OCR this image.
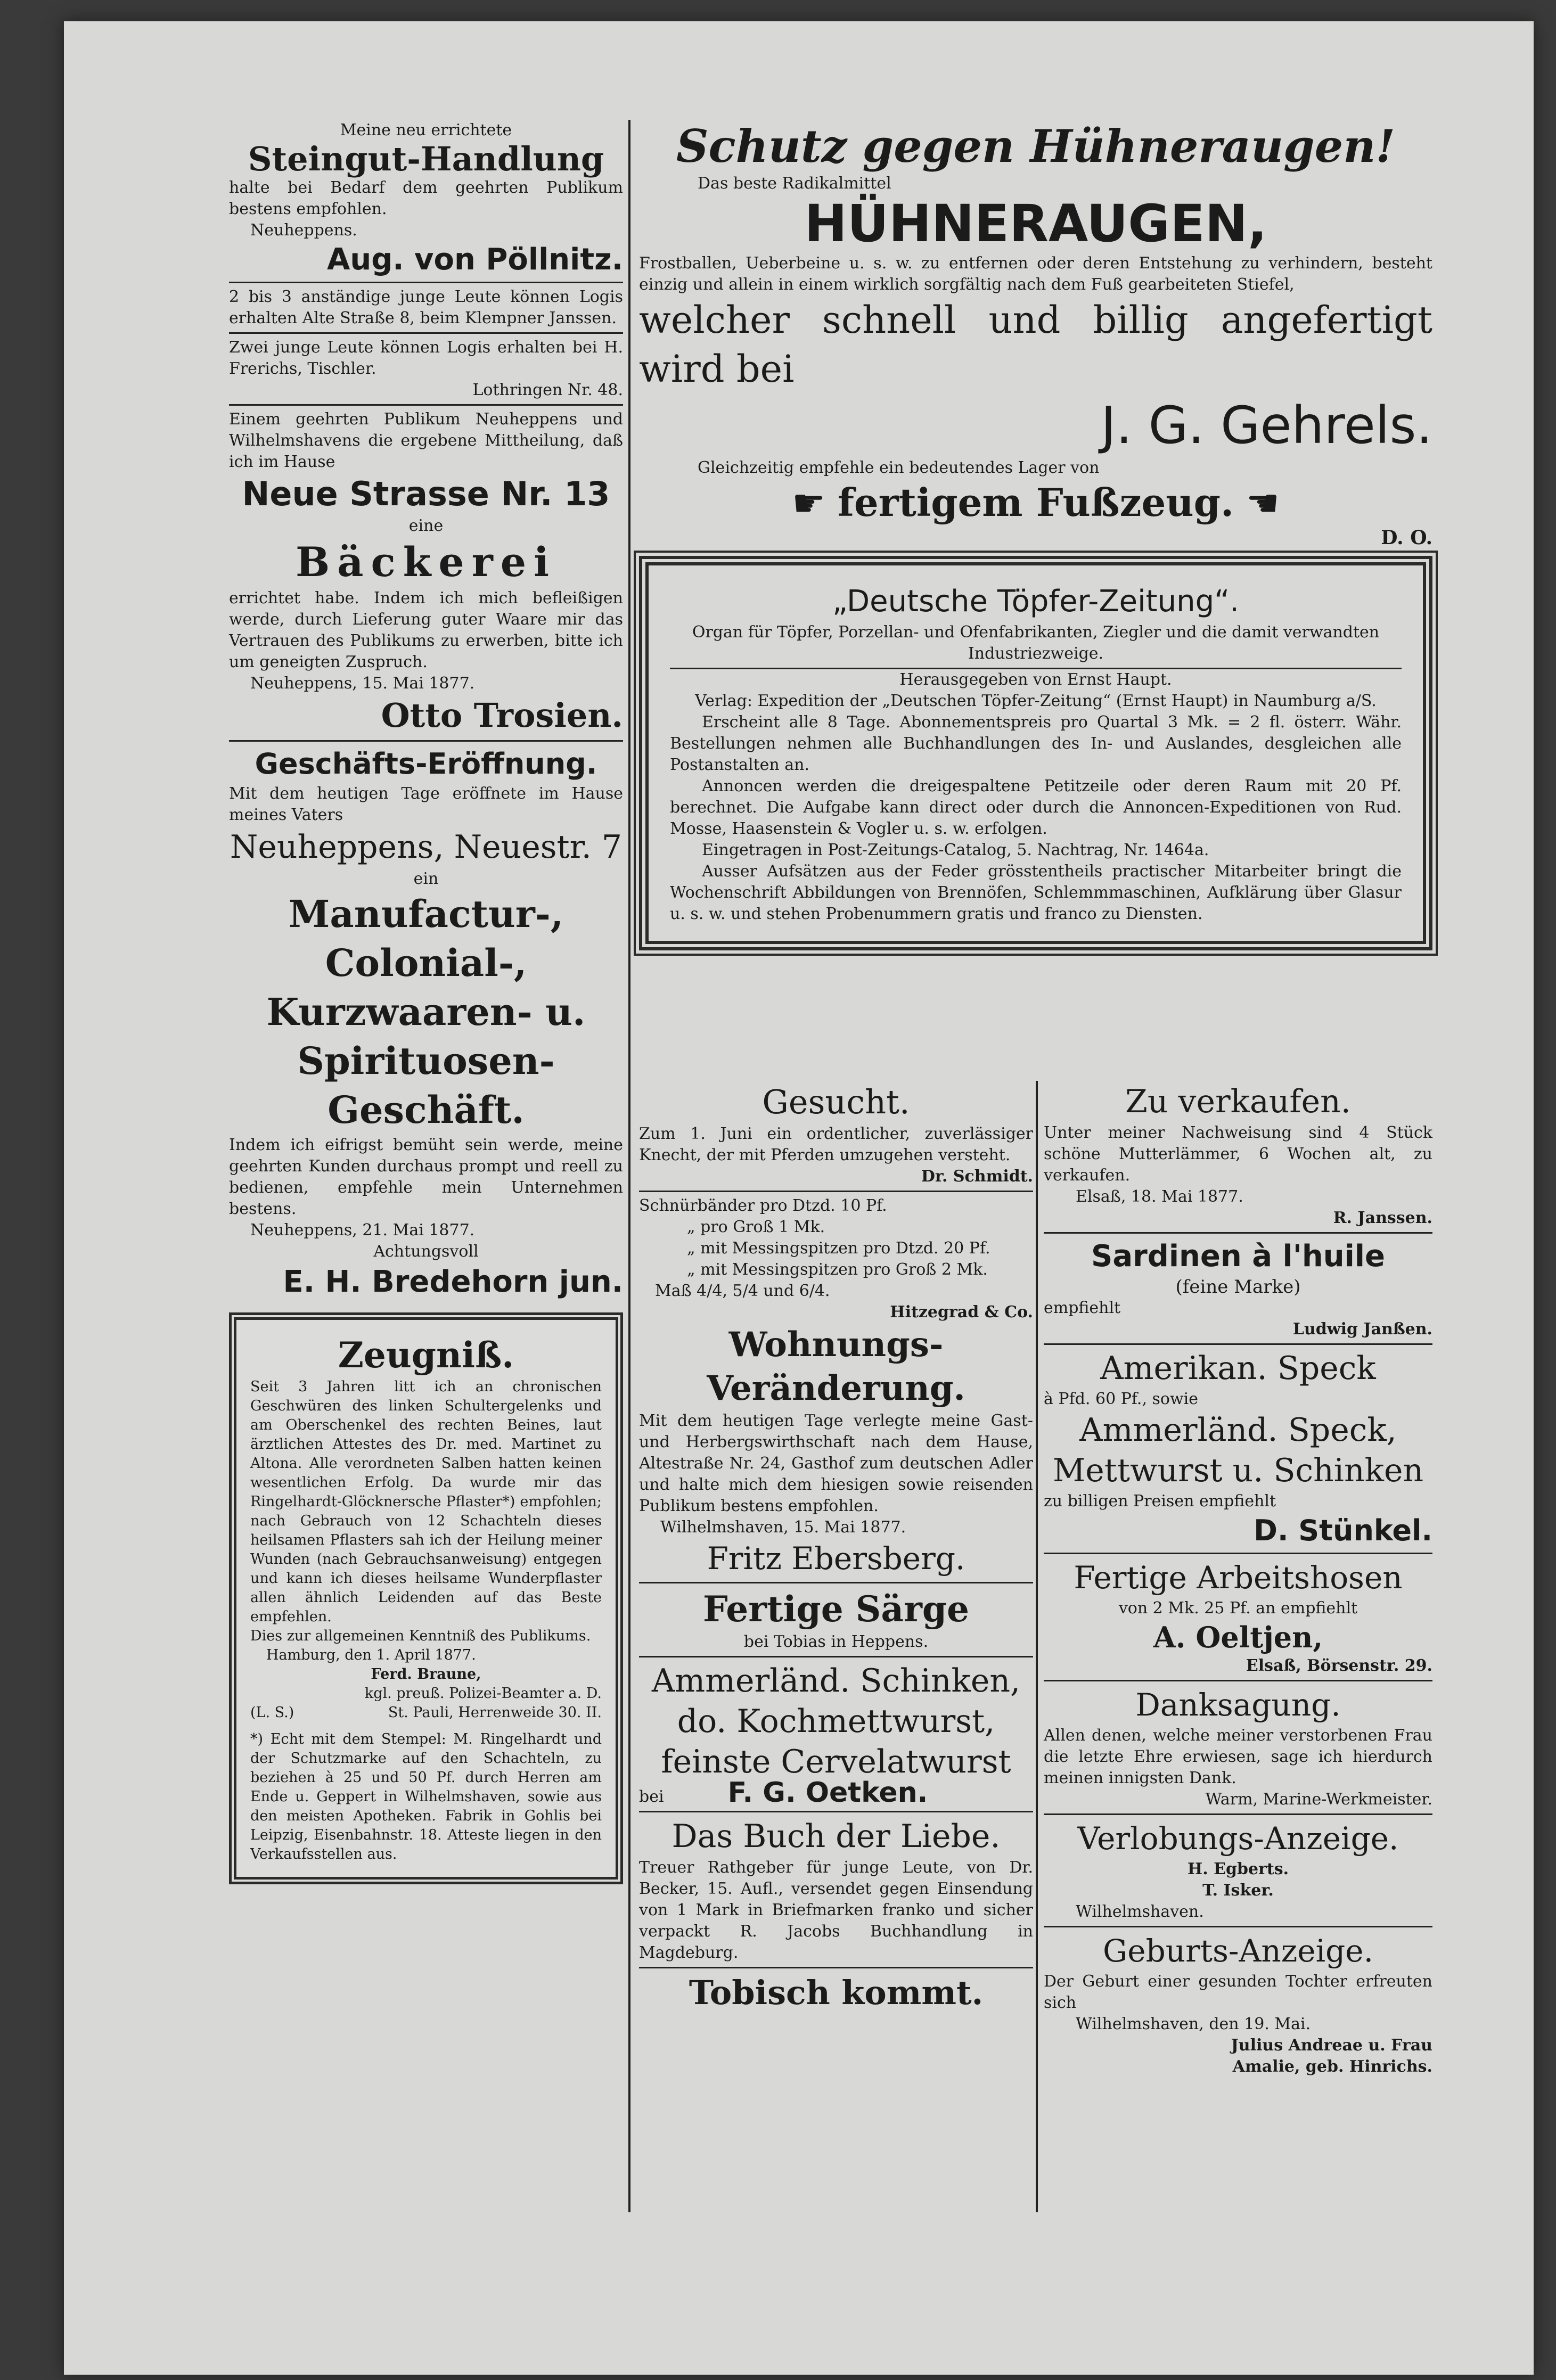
Meine neu errichtete

Steingut-Handlung

halte bei Bedarf dem geehrten Publikum bestens empfohlen.

Neuheppens.

Aug. von Pöllnitz.

2 bis 3 anständige junge Leute können Logis erhalten Alte Straße 8, beim Klempner Janssen.

Zwei junge Leute können Logis erhalten bei H. Frerichs, Tischler.

Lothringen Nr. 48.

Einem geehrten Publikum Neuheppens und Wilhelmshavens die ergebene Mittheilung, daß ich im Hause

Neue Strasse Nr. 13

eine

Bäckerei

errichtet habe. Indem ich mich befleißigen werde, durch Lieferung guter Waare mir das Vertrauen des Publikums zu erwerben, bitte ich um geneigten Zuspruch.

Neuheppens, 15. Mai 1877.

Otto Trosien.

Geschäfts-Eröffnung.

Mit dem heutigen Tage eröffnete im Hause meines Vaters

Neuheppens, Neuestr. 7

ein

Manufactur-, Colonial-, Kurzwaaren- u. Spirituosen-Geschäft.

Indem ich eifrigst bemüht sein werde, meine geehrten Kunden durchaus prompt und reell zu bedienen, empfehle mein Unternehmen bestens.

Neuheppens, 21. Mai 1877.

Achtungsvoll

E. H. Bredehorn jun.

Zeugniß.

Seit 3 Jahren litt ich an chronischen Geschwüren des linken Schultergelenks und am Oberschenkel des rechten Beines, laut ärztlichen Attestes des Dr. med. Martinet zu Altona. Alle verordneten Salben hatten keinen wesentlichen Erfolg. Da wurde mir das Ringelhardt-Glöcknersche Pflaster*) empfohlen; nach Gebrauch von 12 Schachteln dieses heilsamen Pflasters sah ich der Heilung meiner Wunden (nach Gebrauchsanweisung) entgegen und kann ich dieses heilsame Wunderpflaster allen ähnlich Leidenden auf das Beste empfehlen.

Dies zur allgemeinen Kenntniß des Publikums.

Hamburg, den 1. April 1877.

Ferd. Braune,

kgl. preuß. Polizei-Beamter a. D.

(L. S.)	St. Pauli, Herrenweide 30. II.

*) Echt mit dem Stempel: M. Ringelhardt und der Schutzmarke auf den Schachteln, zu beziehen à 25 und 50 Pf. durch Herren am Ende u. Geppert in Wilhelmshaven, sowie aus den meisten Apotheken. Fabrik in Gohlis bei Leipzig, Eisenbahnstr. 18. Atteste liegen in den Verkaufsstellen aus.

Schutz gegen Hühneraugen!

Das beste Radikalmittel

HÜHNERAUGEN,

Frostballen, Ueberbeine u. s. w. zu entfernen oder deren Entstehung zu verhindern, besteht einzig und allein in einem wirklich sorgfältig nach dem Fuß gearbeiteten Stiefel,

welcher schnell und billig angefertigt wird bei

J. G. Gehrels.

Gleichzeitig empfehle ein bedeutendes Lager von

☛ fertigem Fußzeug. ☚

D. O.

„Deutsche Töpfer-Zeitung“.

Organ für Töpfer, Porzellan- und Ofenfabrikanten, Ziegler und die damit verwandten Industriezweige.

Herausgegeben von Ernst Haupt.

Verlag: Expedition der „Deutschen Töpfer-Zeitung“ (Ernst Haupt) in Naumburg a/S.

Erscheint alle 8 Tage. Abonnementspreis pro Quartal 3 Mk. = 2 fl. österr. Währ. Bestellungen nehmen alle Buchhandlungen des In- und Auslandes, desgleichen alle Postanstalten an.

Annoncen werden die dreigespaltene Petitzeile oder deren Raum mit 20 Pf. berechnet. Die Aufgabe kann direct oder durch die Annoncen-Expeditionen von Rud. Mosse, Haasenstein & Vogler u. s. w. erfolgen.

Eingetragen in Post-Zeitungs-Catalog, 5. Nachtrag, Nr. 1464a.

Ausser Aufsätzen aus der Feder grösstentheils practischer Mitarbeiter bringt die Wochenschrift Abbildungen von Brennöfen, Schlemmmaschinen, Aufklärung über Glasur u. s. w. und stehen Probenummern gratis und franco zu Diensten.

Gesucht.

Zum 1. Juni ein ordentlicher, zuverlässiger Knecht, der mit Pferden umzugehen versteht.

Dr. Schmidt.

Schnürbänder pro Dtzd. 10 Pf.

„ pro Groß 1 Mk.

„ mit Messingspitzen pro Dtzd. 20 Pf.

„ mit Messingspitzen pro Groß 2 Mk.

Maß 4/4, 5/4 und 6/4.

Hitzegrad & Co.

Wohnungs-Veränderung.

Mit dem heutigen Tage verlegte meine Gast- und Herbergswirthschaft nach dem Hause, Altestraße Nr. 24, Gasthof zum deutschen Adler und halte mich dem hiesigen sowie reisenden Publikum bestens empfohlen.

Wilhelmshaven, 15. Mai 1877.

Fritz Ebersberg.

Fertige Särge

bei Tobias in Heppens.

Ammerländ. Schinken,

do. Kochmettwurst,

feinste Cervelatwurst

bei F. G. Oetken.

Das Buch der Liebe.

Treuer Rathgeber für junge Leute, von Dr. Becker, 15. Aufl., versendet gegen Einsendung von 1 Mark in Briefmarken franko und sicher verpackt R. Jacobs Buchhandlung in Magdeburg.

Tobisch kommt.

Zu verkaufen.

Unter meiner Nachweisung sind 4 Stück schöne Mutterlämmer, 6 Wochen alt, zu verkaufen.

Elsaß, 18. Mai 1877.

R. Janssen.

Sardinen à l'huile

(feine Marke)

empfiehlt

Ludwig Janßen.

Amerikan. Speck

à Pfd. 60 Pf., sowie

Ammerländ. Speck,

Mettwurst u. Schinken

zu billigen Preisen empfiehlt

D. Stünkel.

Fertige Arbeitshosen

von 2 Mk. 25 Pf. an empfiehlt

A. Oeltjen,

Elsaß, Börsenstr. 29.

Danksagung.

Allen denen, welche meiner verstorbenen Frau die letzte Ehre erwiesen, sage ich hierdurch meinen innigsten Dank.

Warm, Marine-Werkmeister.

Verlobungs-Anzeige.

H. Egberts.

T. Isker.

Wilhelmshaven.

Geburts-Anzeige.

Der Geburt einer gesunden Tochter erfreuten sich

Wilhelmshaven, den 19. Mai.

Julius Andreae u. Frau

Amalie, geb. Hinrichs.
